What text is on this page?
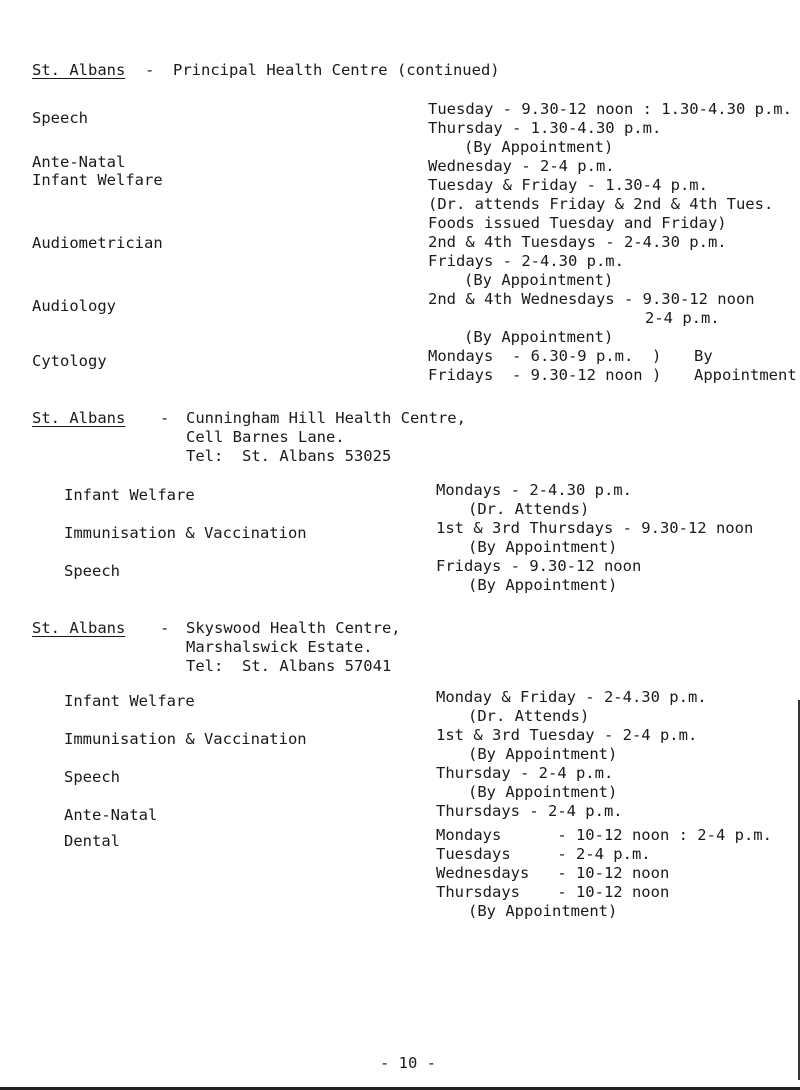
St. Albans - Principal Health Centre (continued)
Speech
Ante-Natal
Infant Welfare
Audiometrician
Audiology
Cytology
Tuesday - 9.30-12 noon : 1.30-4.30 p.m.
Thursday - 1.30-4.30 p.m.
(By Appointment)
Wednesday - 2-4 p.m.
Tuesday & Friday - 1.30-4 p.m.
(Dr. attends Friday & 2nd & 4th Tues.
Foods issued Tuesday and Friday)
2nd & 4th Tuesdays - 2-4.30 p.m.
Fridays - 2-4.30 p.m.
(By Appointment)
2nd & 4th Wednesdays - 9.30-12 noon
2-4 p.m.
(By Appointment)
Mondays  - 6.30-9 p.m.  )
Fridays  - 9.30-12 noon )
By
Appointment
St. Albans - Cunningham Hill Health Centre,
Cell Barnes Lane.
Tel:  St. Albans 53025
Infant Welfare
Immunisation & Vaccination
Speech
Mondays - 2-4.30 p.m.
(Dr. Attends)
1st & 3rd Thursdays - 9.30-12 noon
(By Appointment)
Fridays - 9.30-12 noon
(By Appointment)
St. Albans - Skyswood Health Centre,
Marshalswick Estate.
Tel:  St. Albans 57041
Infant Welfare
Immunisation & Vaccination
Speech
Ante-Natal
Dental
Monday & Friday - 2-4.30 p.m.
(Dr. Attends)
1st & 3rd Tuesday - 2-4 p.m.
(By Appointment)
Thursday - 2-4 p.m.
(By Appointment)
Thursdays - 2-4 p.m.
Mondays      - 10-12 noon : 2-4 p.m.
Tuesdays     - 2-4 p.m.
Wednesdays   - 10-12 noon
Thursdays    - 10-12 noon
(By Appointment)
- 10 -
